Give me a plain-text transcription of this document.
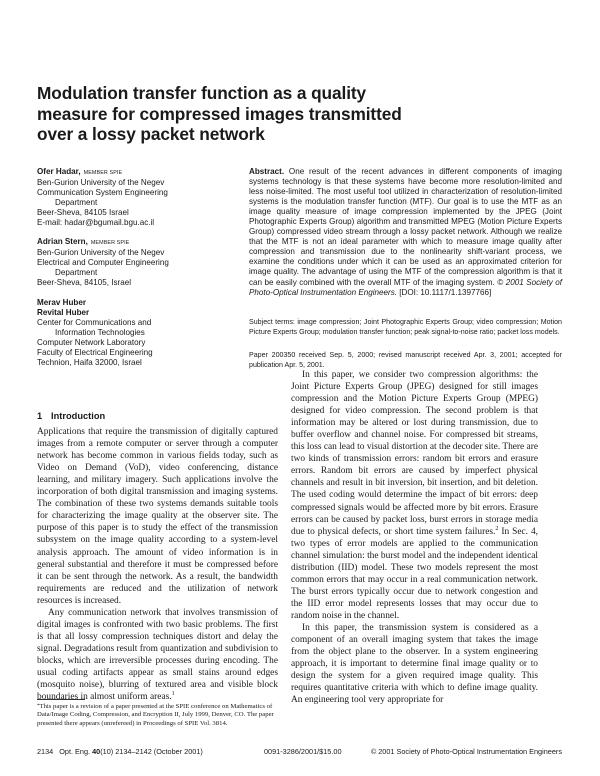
Modulation transfer function as a quality
measure for compressed images transmitted
over a lossy packet network
Ofer Hadar, MEMBER SPIE
Ben-Gurion University of the Negev
Communication System Engineering
Department
Beer-Sheva, 84105 Israel
E-mail: hadar@bgumail.bgu.ac.il
Adrian Stern, MEMBER SPIE
Ben-Gurion University of the Negev
Electrical and Computer Engineering
Department
Beer-Sheva, 84105, Israel
Merav Huber
Revital Huber
Center for Communications and
Information Technologies
Computer Network Laboratory
Faculty of Electrical Engineering
Technion, Haifa 32000, Israel
Abstract. One result of the recent advances in different components of imaging systems technology is that these systems have become more resolution-limited and less noise-limited. The most useful tool utilized in characterization of resolution-limited systems is the modulation transfer function (MTF). Our goal is to use the MTF as an image quality measure of image compression implemented by the JPEG (Joint Photographic Experts Group) algorithm and transmitted MPEG (Motion Picture Experts Group) compressed video stream through a lossy packet network. Although we realize that the MTF is not an ideal parameter with which to measure image quality after compression and transmission due to the nonlinearity shift-variant process, we examine the conditions under which it can be used as an approximated criterion for image quality. The advantage of using the MTF of the compression algorithm is that it can be easily combined with the overall MTF of the imaging system. © 2001 Society of Photo-Optical Instrumentation Engineers. [DOI: 10.1117/1.1397766]
Subject terms: image compression; Joint Photographic Experts Group; video compression; Motion Picture Experts Group; modulation transfer function; peak signal-to-noise ratio; packet loss models.
Paper 200350 received Sep. 5, 2000; revised manuscript received Apr. 3, 2001; accepted for publication Apr. 5, 2001.
1 Introduction

Applications that require the transmission of digitally captured images from a remote computer or server through a computer network has become common in various fields today, such as Video on Demand (VoD), video conferencing, distance learning, and military imagery. Such applications involve the incorporation of both digital transmission and imaging systems. The combination of these two systems demands suitable tools for characterizing the image quality at the observer site. The purpose of this paper is to study the effect of the transmission subsystem on the image quality according to a system-level analysis approach. The amount of video information is in general substantial and therefore it must be compressed before it can be sent through the network. As a result, the bandwidth requirements are reduced and the utilization of network resources is increased.

Any communication network that involves transmission of digital images is confronted with two basic problems. The first is that all lossy compression techniques distort and delay the signal. Degradations result from quantization and subdivision to blocks, which are irreversible processes during encoding. The usual coding artifacts appear as small stains around edges (mosquito noise), blurring of textured area and visible block boundaries in almost uniform areas.$^1$

*This paper is a revision of a paper presented at the SPIE conference on Mathematics of Data/Image Coding, Compression, and Encryption II, July 1999, Denver, CO. The paper presented there appears (unrefereed) in Proceedings of SPIE Vol. 3814.

In this paper, we consider two compression algorithms: the Joint Picture Experts Group (JPEG) designed for still images compression and the Motion Picture Experts Group (MPEG) designed for video compression. The second problem is that information may be altered or lost during transmission, due to buffer overflow and channel noise. For compressed bit streams, this loss can lead to visual distortion at the decoder site. There are two kinds of transmission errors: random bit errors and erasure errors. Random bit errors are caused by imperfect physical channels and result in bit inversion, bit insertion, and bit deletion. The used coding would determine the impact of bit errors: deep compressed signals would be affected more by bit errors. Erasure errors can be caused by packet loss, burst errors in storage media due to physical defects, or short time system failures.$^2$ In Sec. 4, two types of error models are applied to the communication channel simulation: the burst model and the independent identical distribution (IID) model. These two models represent the most common errors that may occur in a real communication network. The burst errors typically occur due to network congestion and the IID error model represents losses that may occur due to random noise in the channel.

In this paper, the transmission system is considered as a component of an overall imaging system that takes the image from the object plane to the observer. In a system engineering approach, it is important to determine final image quality or to design the system for a given required image quality. This requires quantitative criteria with which to define image quality. An engineering tool very appropriate for

2134 Opt. Eng. 40(10) 2134–2142 (October 2001)	0091-3286/2001/$15.00	© 2001 Society of Photo-Optical Instrumentation Engineers
